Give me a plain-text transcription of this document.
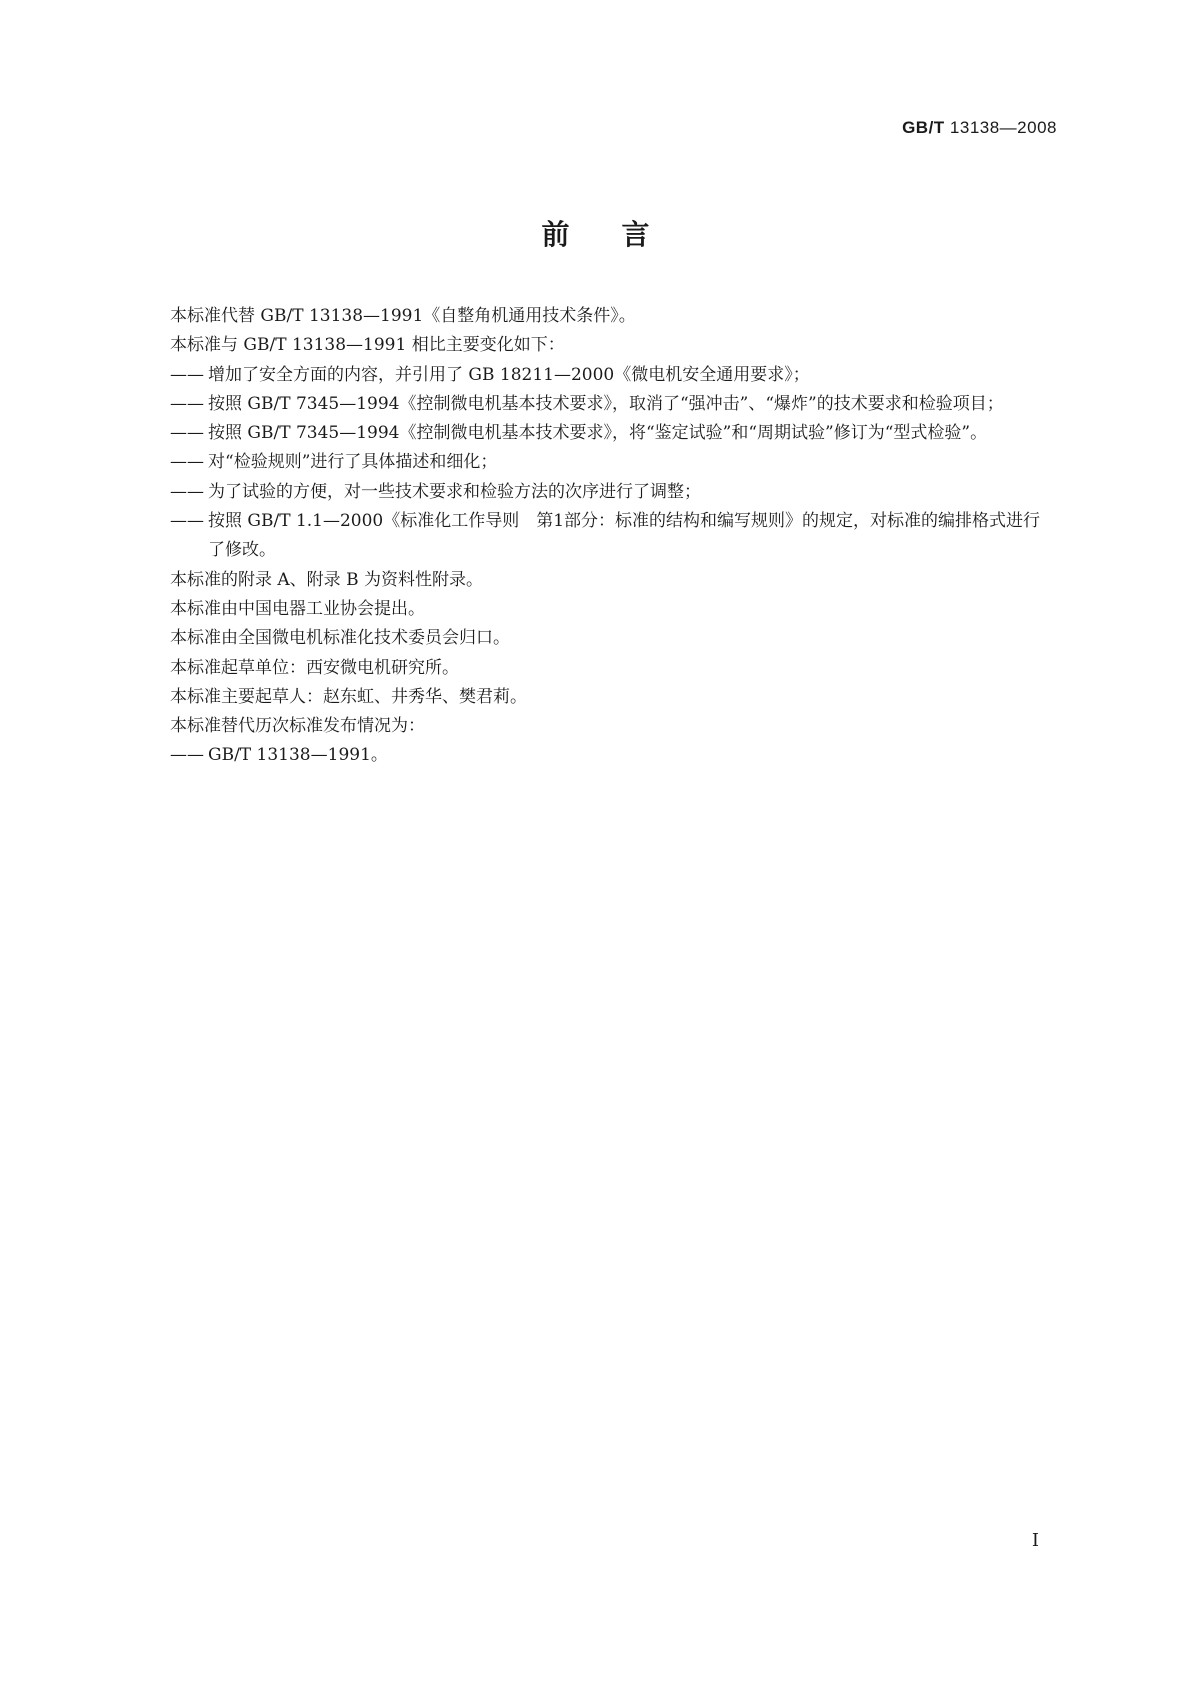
GB/T 13138—2008
前言

本标准代替 GB/T 13138—1991《自整角机通用技术条件》。

本标准与 GB/T 13138—1991 相比主要变化如下：

—— 增加了安全方面的内容，并引用了 GB 18211—2000《微电机安全通用要求》；

—— 按照 GB/T 7345—1994《控制微电机基本技术要求》，取消了“强冲击”、“爆炸”的技术要求和检验项目；

—— 按照 GB/T 7345—1994《控制微电机基本技术要求》，将“鉴定试验”和“周期试验”修订为“型式检验”。

—— 对“检验规则”进行了具体描述和细化；

—— 为了试验的方便，对一些技术要求和检验方法的次序进行了调整；

—— 按照 GB/T 1.1—2000《标准化工作导则　第1部分：标准的结构和编写规则》的规定，对标准的编排格式进行了修改。

本标准的附录 A、附录 B 为资料性附录。

本标准由中国电器工业协会提出。

本标准由全国微电机标准化技术委员会归口。

本标准起草单位：西安微电机研究所。

本标准主要起草人：赵东虹、井秀华、樊君莉。

本标准替代历次标准发布情况为：

—— GB/T 13138—1991。

I
